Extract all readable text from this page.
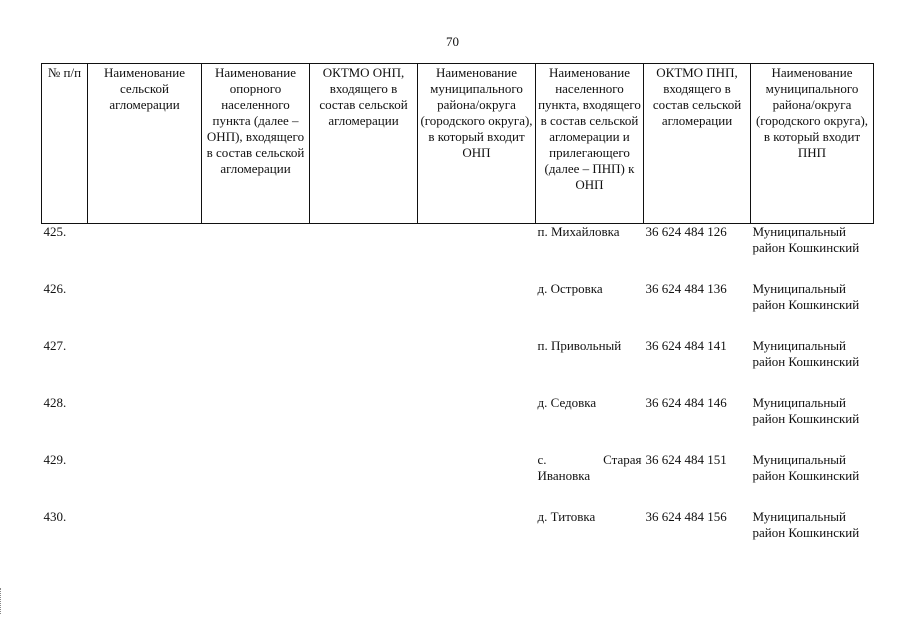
70
№ п/п	Наименование сельской агломерации	Наименование опорного населенного пункта (далее – ОНП), входящего в состав сельской агломерации	ОКТМО ОНП, входящего в состав сельской агломерации	Наименование муниципального района/округа (городского округа), в который входит ОНП	Наименование населенного пункта, входящего в состав сельской агломерации и прилегающего (далее – ПНП) к ОНП	ОКТМО ПНП, входящего в состав сельской агломерации	Наименование муниципального района/округа (городского округа), в который входит ПНП
425.					п. Михайловка	36 624 484 126	Муниципальный район Кошкинский
426.					д. Островка	36 624 484 136	Муниципальный район Кошкинский
427.					п. Привольный	36 624 484 141	Муниципальный район Кошкинский
428.					д. Седовка	36 624 484 146	Муниципальный район Кошкинский
429.					с. Старая Ивановка	36 624 484 151	Муниципальный район Кошкинский
430.					д. Титовка	36 624 484 156	Муниципальный район Кошкинский
